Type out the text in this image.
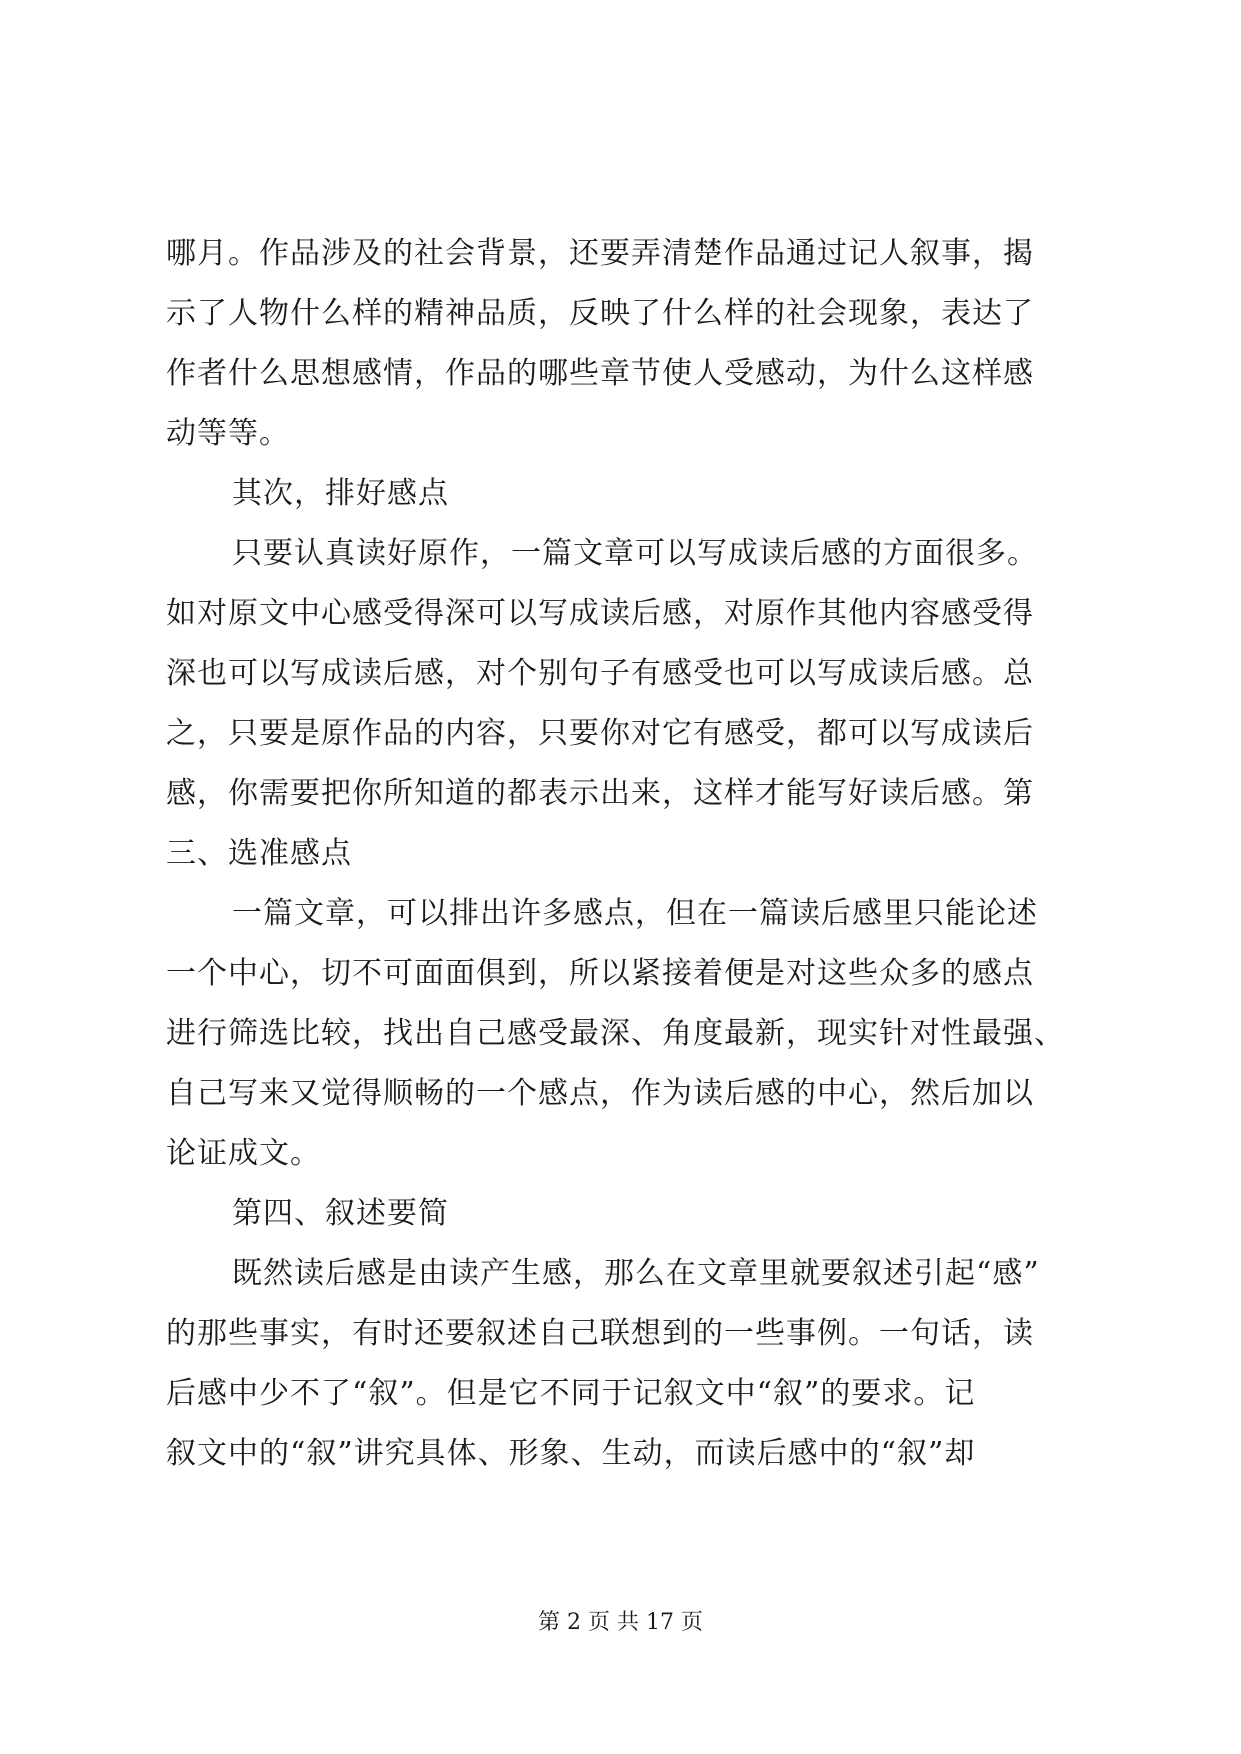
哪月。作品涉及的社会背景，还要弄清楚作品通过记人叙事，揭
示了人物什么样的精神品质，反映了什么样的社会现象，表达了
作者什么思想感情，作品的哪些章节使人受感动，为什么这样感
动等等。
其次，排好感点
只要认真读好原作，一篇文章可以写成读后感的方面很多。
如对原文中心感受得深可以写成读后感，对原作其他内容感受得
深也可以写成读后感，对个别句子有感受也可以写成读后感。总
之，只要是原作品的内容，只要你对它有感受，都可以写成读后
感，你需要把你所知道的都表示出来，这样才能写好读后感。第
三、选准感点
一篇文章，可以排出许多感点，但在一篇读后感里只能论述
一个中心，切不可面面俱到，所以紧接着便是对这些众多的感点
进行筛选比较，找出自己感受最深、角度最新，现实针对性最强、
自己写来又觉得顺畅的一个感点，作为读后感的中心，然后加以
论证成文。
第四、叙述要简
既然读后感是由读产生感，那么在文章里就要叙述引起“感”
的那些事实，有时还要叙述自己联想到的一些事例。一句话，读
后感中少不了“叙”。但是它不同于记叙文中“叙”的要求。记
叙文中的“叙”讲究具体、形象、生动，而读后感中的“叙”却
第 2 页 共 17 页
